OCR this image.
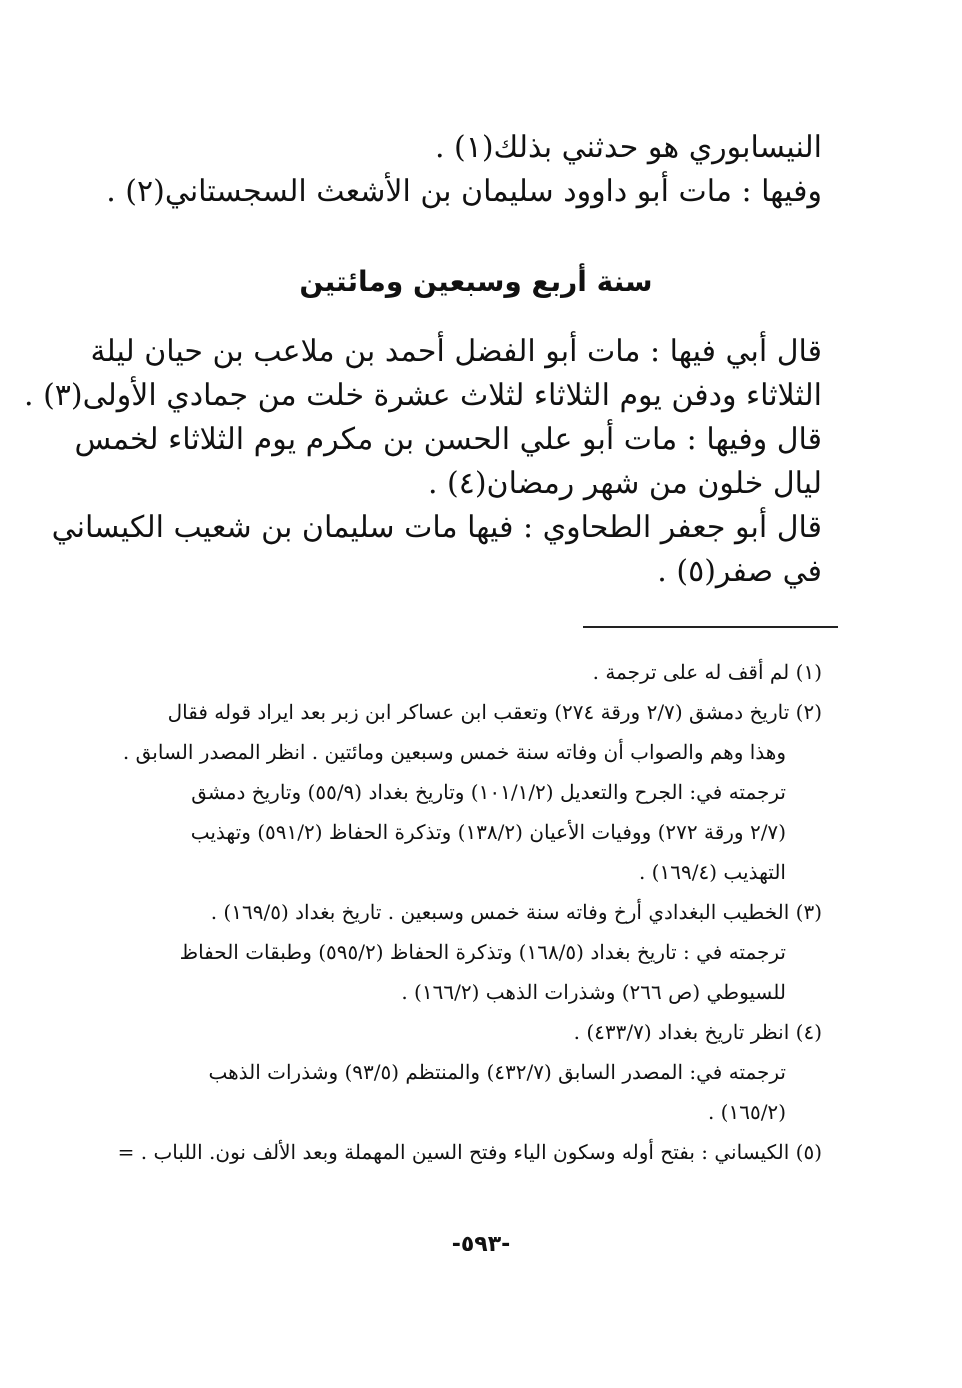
النيسابوري هو حدثني بذلك(١) .
وفيها : مات أبو داوود سليمان بن الأشعث السجستاني(٢) .
سنة أربع وسبعين ومائتين
قال أبي فيها : مات أبو الفضل أحمد بن ملاعب بن حيان ليلة
الثلاثاء ودفن يوم الثلاثاء لثلاث عشرة خلت من جمادي الأولى(٣) .
قال وفيها : مات أبو علي الحسن بن مكرم يوم الثلاثاء لخمس
ليال خلون من شهر رمضان(٤) .
قال أبو جعفر الطحاوي : فيها مات سليمان بن شعيب الكيساني
في صفر(٥) .
(١) لم أقف له على ترجمة .
(٢) تاريخ دمشق (٢/٧ ورقة ٢٧٤) وتعقب ابن عساكر ابن زبر بعد ايراد قوله فقال
وهذا وهم والصواب أن وفاته سنة خمس وسبعين ومائتين . انظر المصدر السابق .
ترجمته في: الجرح والتعديل (١٠١/١/٢) وتاريخ بغداد (٥٥/٩) وتاريخ دمشق
(٢/٧ ورقة ٢٧٢) ووفيات الأعيان (١٣٨/٢) وتذكرة الحفاظ (٥٩١/٢) وتهذيب
التهذيب (١٦٩/٤) .
(٣) الخطيب البغدادي أرخ وفاته سنة خمس وسبعين . تاريخ بغداد (١٦٩/٥) .
ترجمته في : تاريخ بغداد (١٦٨/٥) وتذكرة الحفاظ (٥٩٥/٢) وطبقات الحفاظ
للسيوطي (ص ٢٦٦) وشذرات الذهب (١٦٦/٢) .
(٤) انظر تاريخ بغداد (٤٣٣/٧) .
ترجمته في: المصدر السابق (٤٣٢/٧) والمنتظم (٩٣/٥) وشذرات الذهب
(١٦٥/٢) .
(٥) الكيساني : بفتح أوله وسكون الياء وفتح السين المهملة وبعد الألف نون. اللباب . =
-٥٩٣-
